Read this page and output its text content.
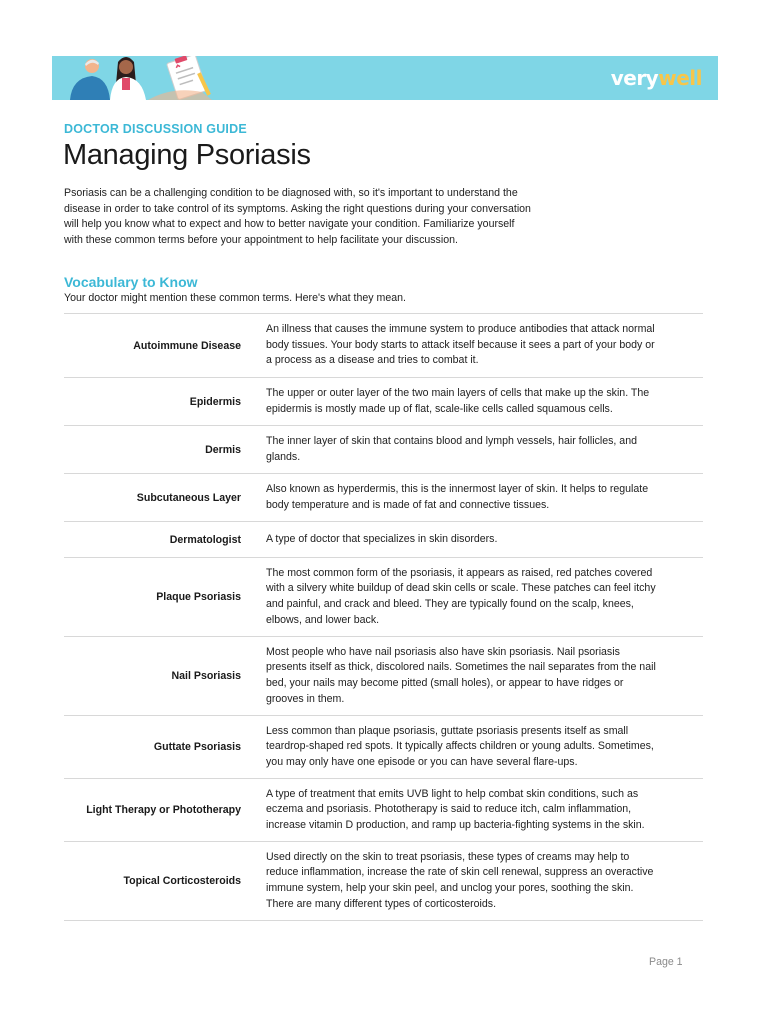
verywell
DOCTOR DISCUSSION GUIDE
Managing Psoriasis
Psoriasis can be a challenging condition to be diagnosed with, so it's important to understand the
disease in order to take control of its symptoms. Asking the right questions during your conversation
will help you know what to expect and how to better navigate your condition. Familiarize yourself
with these common terms before your appointment to help facilitate your discussion.
Vocabulary to Know
Your doctor might mention these common terms. Here's what they mean.
Autoimmune Disease
An illness that causes the immune system to produce antibodies that attack normal
body tissues. Your body starts to attack itself because it sees a part of your body or
a process as a disease and tries to combat it.
Epidermis
The upper or outer layer of the two main layers of cells that make up the skin. The
epidermis is mostly made up of flat, scale-like cells called squamous cells.
Dermis
The inner layer of skin that contains blood and lymph vessels, hair follicles, and
glands.
Subcutaneous Layer
Also known as hyperdermis, this is the innermost layer of skin. It helps to regulate
body temperature and is made of fat and connective tissues.
Dermatologist	A type of doctor that specializes in skin disorders.
Plaque Psoriasis
The most common form of the psoriasis, it appears as raised, red patches covered
with a silvery white buildup of dead skin cells or scale. These patches can feel itchy
and painful, and crack and bleed. They are typically found on the scalp, knees,
elbows, and lower back.
Nail Psoriasis
Most people who have nail psoriasis also have skin psoriasis. Nail psoriasis
presents itself as thick, discolored nails. Sometimes the nail separates from the nail
bed, your nails may become pitted (small holes), or appear to have ridges or
grooves in them.
Guttate Psoriasis
Less common than plaque psoriasis, guttate psoriasis presents itself as small
teardrop-shaped red spots. It typically affects children or young adults. Sometimes,
you may only have one episode or you can have several flare-ups.
Light Therapy or Phototherapy
A type of treatment that emits UVB light to help combat skin conditions, such as
eczema and psoriasis. Phototherapy is said to reduce itch, calm inflammation,
increase vitamin D production, and ramp up bacteria-fighting systems in the skin.
Topical Corticosteroids
Used directly on the skin to treat psoriasis, these types of creams may help to
reduce inflammation, increase the rate of skin cell renewal, suppress an overactive
immune system, help your skin peel, and unclog your pores, soothing the skin.
There are many different types of corticosteroids.
Page 1
